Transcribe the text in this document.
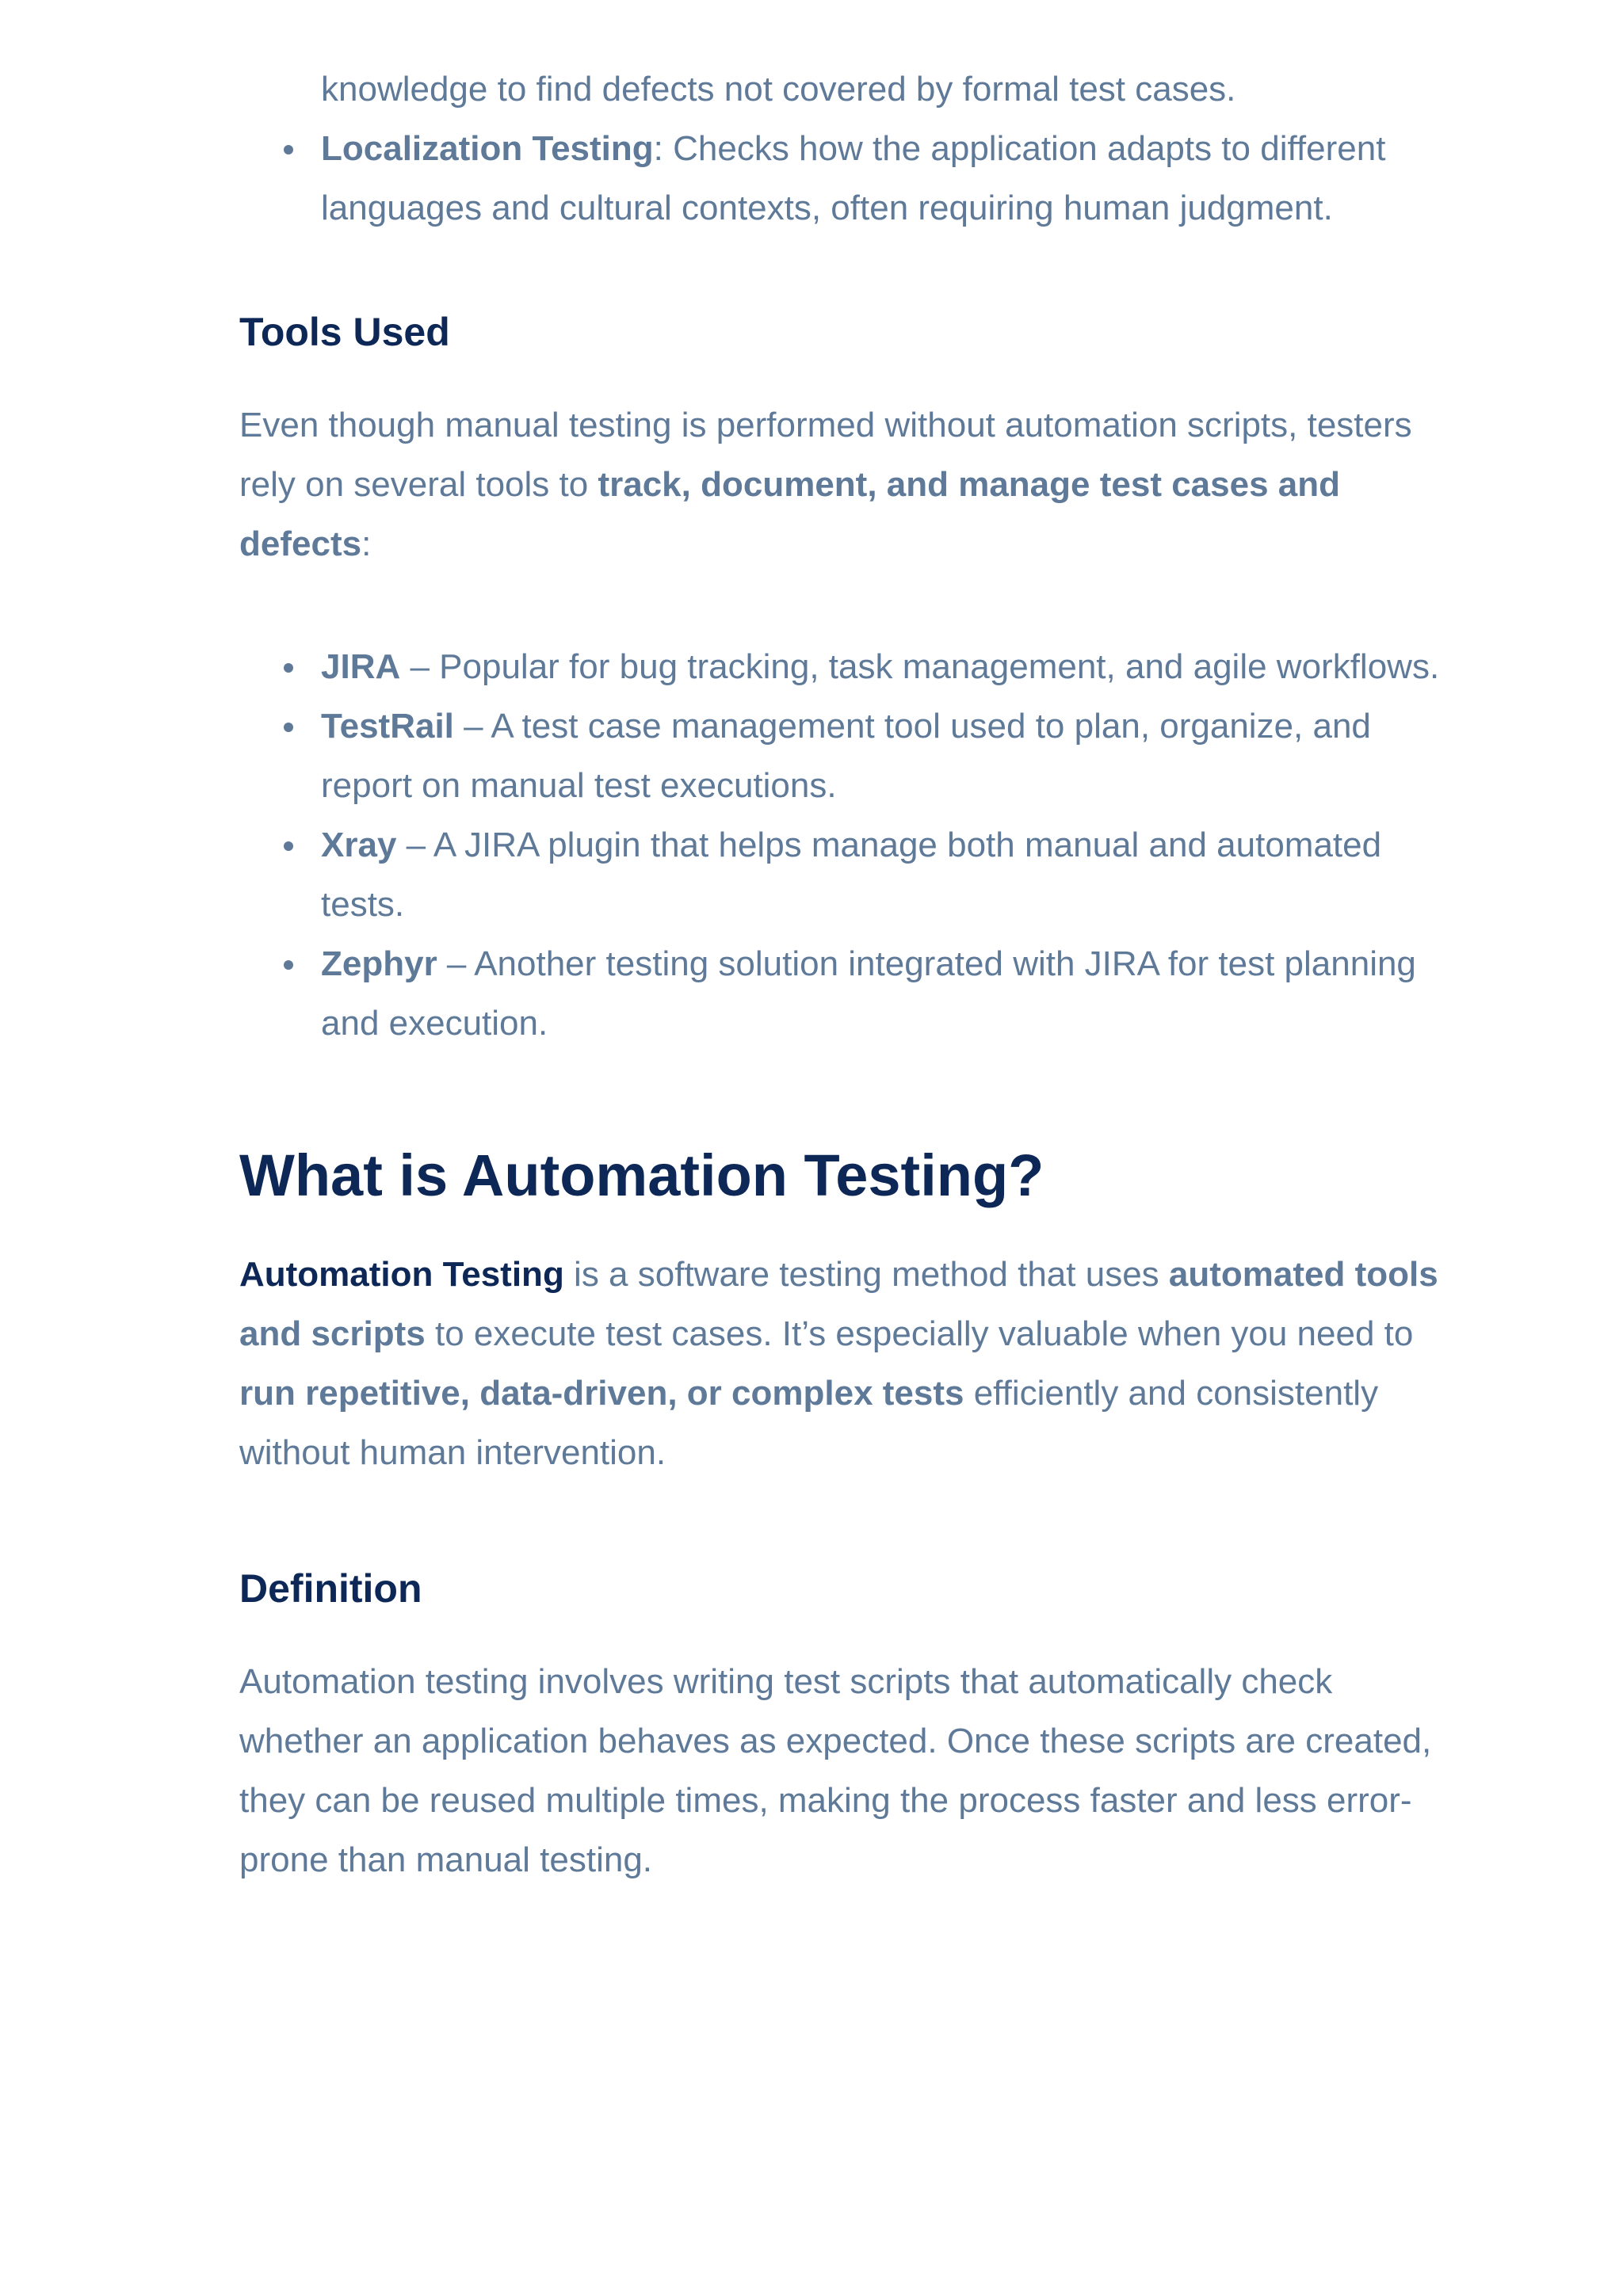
knowledge to find defects not covered by formal test cases.
Localization Testing: Checks how the application adapts to different languages and cultural contexts, often requiring human judgment.
Tools Used

Even though manual testing is performed without automation scripts, testers rely on several tools to track, document, and manage test cases and defects:

JIRA – Popular for bug tracking, task management, and agile workflows.
TestRail – A test case management tool used to plan, organize, and report on manual test executions.
Xray – A JIRA plugin that helps manage both manual and automated tests.
Zephyr – Another testing solution integrated with JIRA for test planning and execution.
What is Automation Testing?

Automation Testing is a software testing method that uses automated tools and scripts to execute test cases. It’s especially valuable when you need to run repetitive, data-driven, or complex tests efficiently and consistently without human intervention.

Definition

Automation testing involves writing test scripts that automatically check whether an application behaves as expected. Once these scripts are created, they can be reused multiple times, making the process faster and less error-prone than manual testing.
